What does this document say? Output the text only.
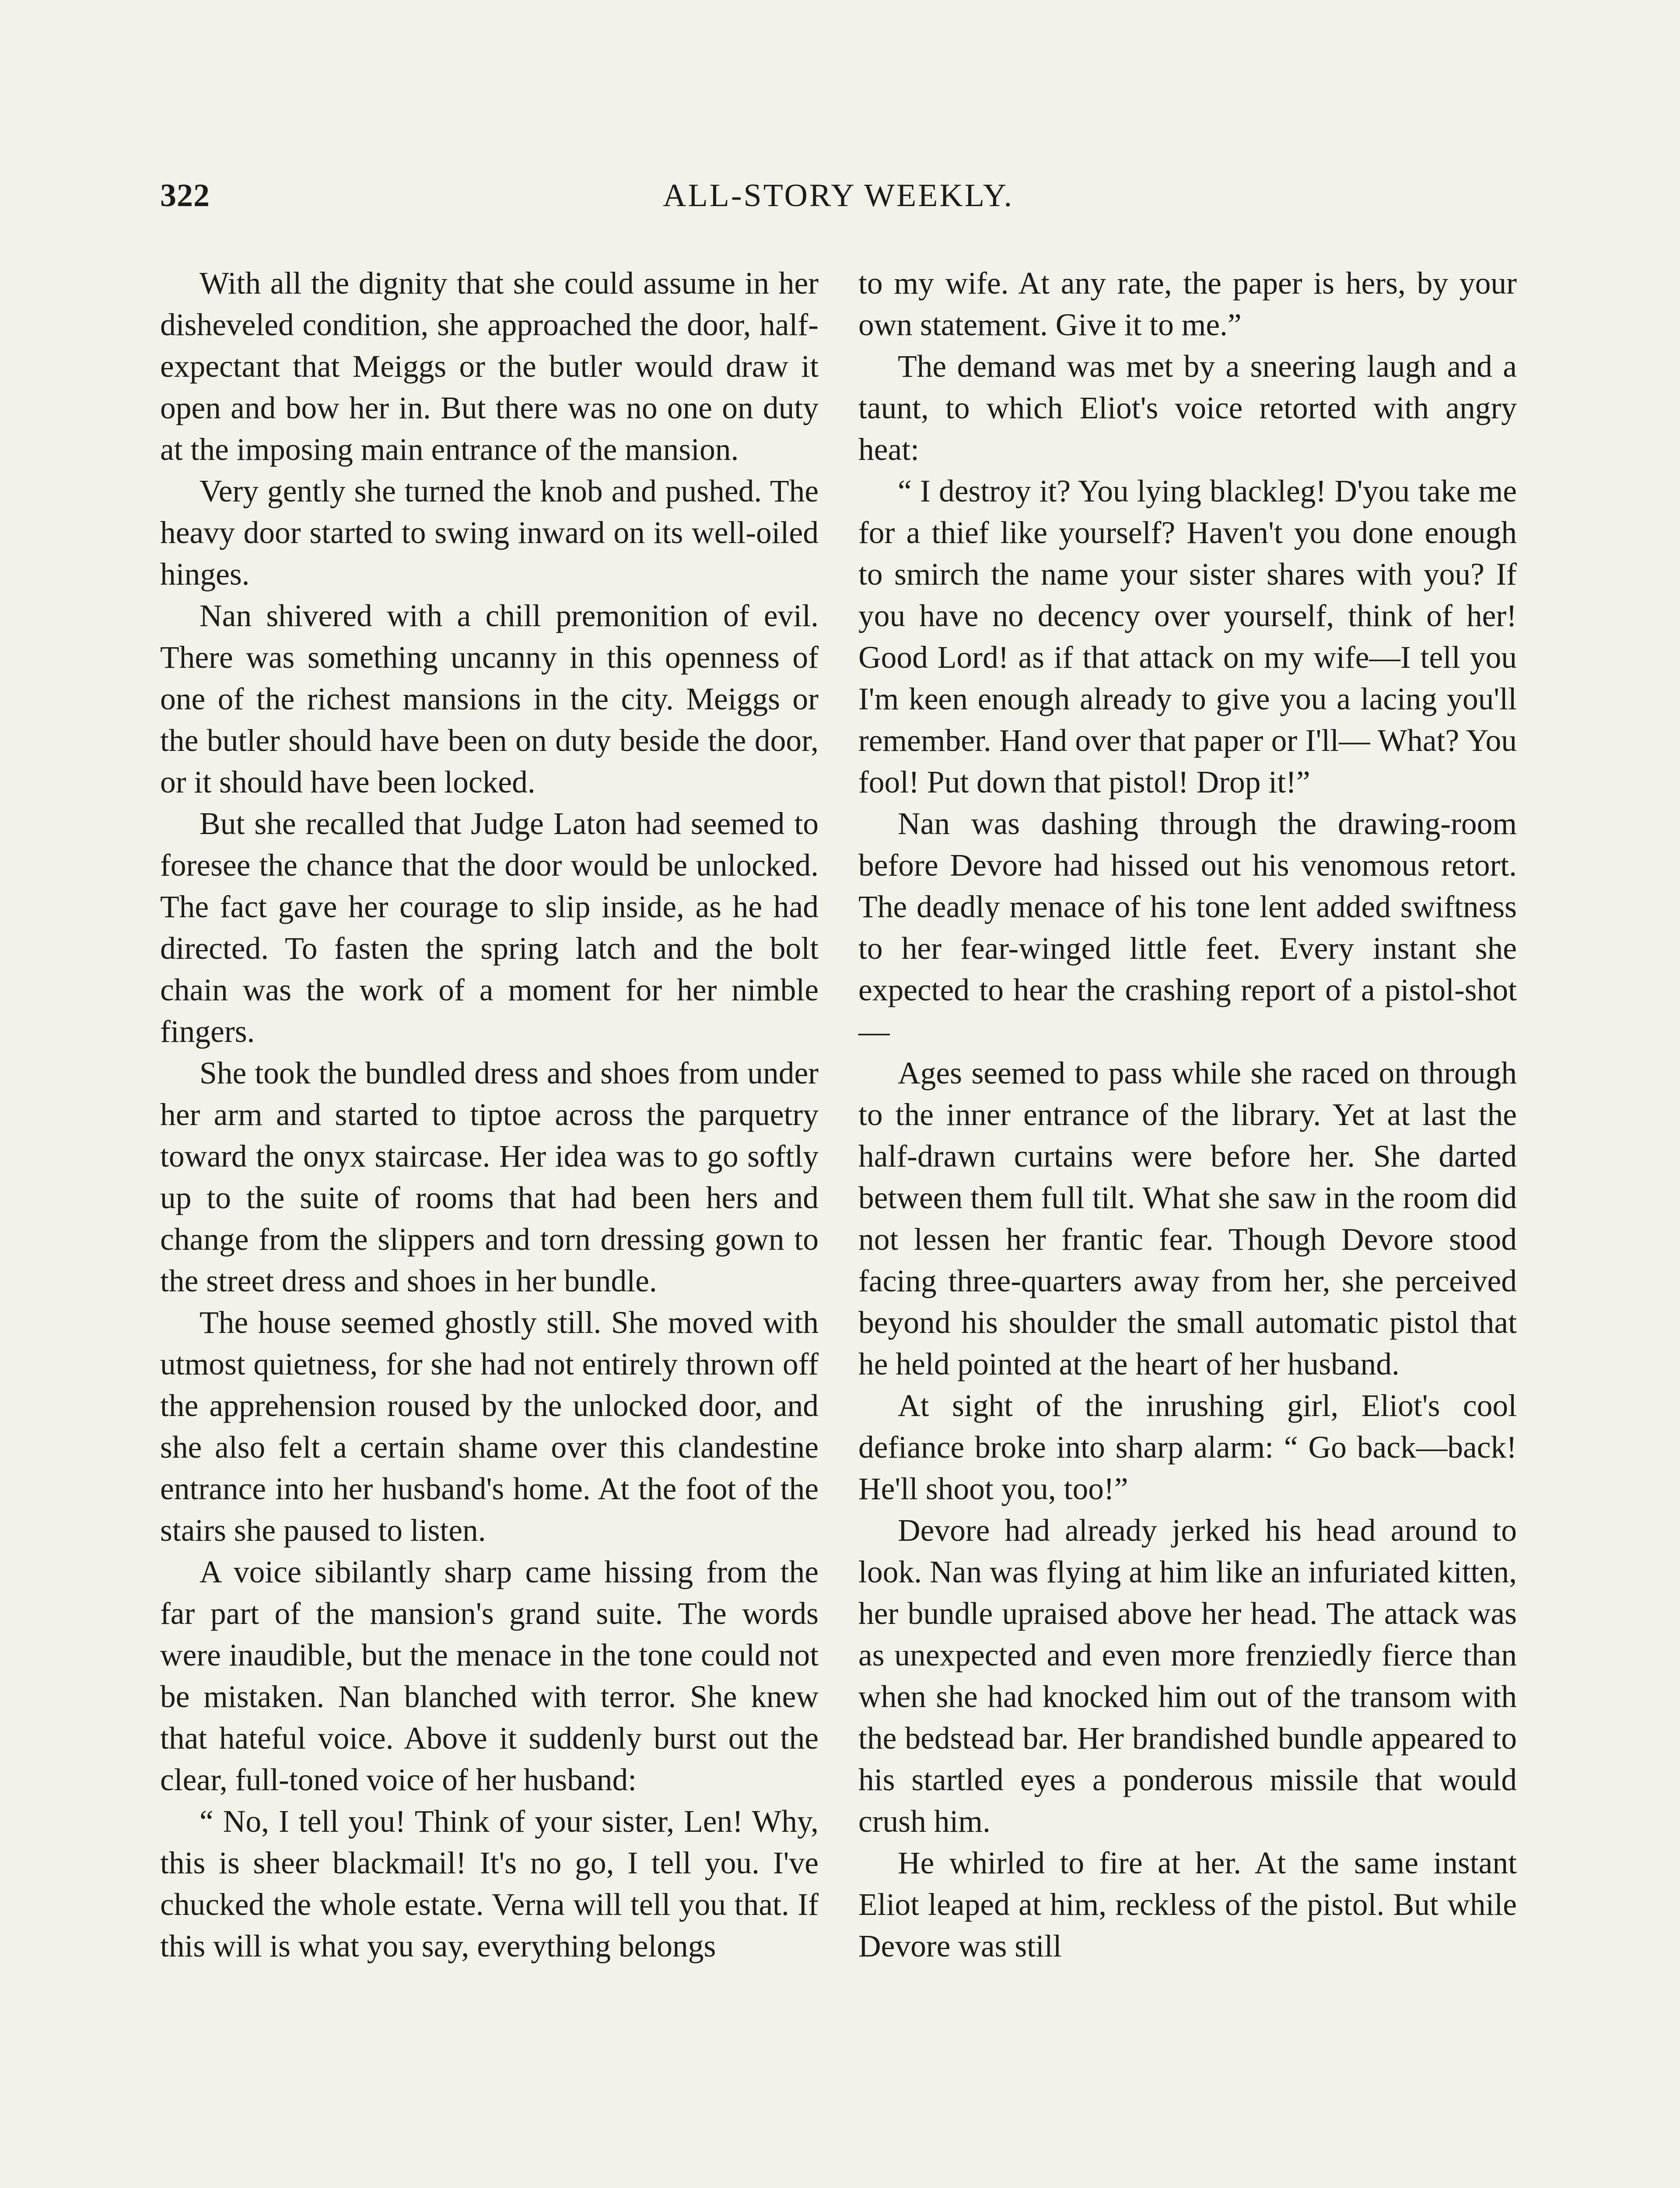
322	ALL-STORY WEEKLY.

With all the dignity that she could assume in her disheveled condition, she approached the door, half-expectant that Meiggs or the butler would draw it open and bow her in. But there was no one on duty at the imposing main entrance of the mansion.

Very gently she turned the knob and pushed. The heavy door started to swing inward on its well-oiled hinges.

Nan shivered with a chill premonition of evil. There was something uncanny in this openness of one of the richest mansions in the city. Meiggs or the butler should have been on duty beside the door, or it should have been locked.

But she recalled that Judge Laton had seemed to foresee the chance that the door would be unlocked. The fact gave her courage to slip inside, as he had directed. To fasten the spring latch and the bolt chain was the work of a moment for her nimble fingers.

She took the bundled dress and shoes from under her arm and started to tiptoe across the parquetry toward the onyx staircase. Her idea was to go softly up to the suite of rooms that had been hers and change from the slippers and torn dressing gown to the street dress and shoes in her bundle.

The house seemed ghostly still. She moved with utmost quietness, for she had not entirely thrown off the apprehension roused by the unlocked door, and she also felt a certain shame over this clandestine entrance into her husband's home. At the foot of the stairs she paused to listen.

A voice sibilantly sharp came hissing from the far part of the mansion's grand suite. The words were inaudible, but the menace in the tone could not be mistaken. Nan blanched with terror. She knew that hateful voice. Above it suddenly burst out the clear, full-toned voice of her husband:

“ No, I tell you! Think of your sister, Len! Why, this is sheer blackmail! It's no go, I tell you. I've chucked the whole estate. Verna will tell you that. If this will is what you say, everything belongs

to my wife. At any rate, the paper is hers, by your own statement. Give it to me.”

The demand was met by a sneering laugh and a taunt, to which Eliot's voice retorted with angry heat:

“ I destroy it? You lying blackleg! D'you take me for a thief like yourself? Haven't you done enough to smirch the name your sister shares with you? If you have no decency over yourself, think of her! Good Lord! as if that attack on my wife—I tell you I'm keen enough already to give you a lacing you'll remember. Hand over that paper or I'll— What? You fool! Put down that pistol! Drop it!”

Nan was dashing through the drawing-room before Devore had hissed out his venomous retort. The deadly menace of his tone lent added swiftness to her fear-winged little feet. Every instant she expected to hear the crashing report of a pistol-shot—

Ages seemed to pass while she raced on through to the inner entrance of the library. Yet at last the half-drawn curtains were before her. She darted between them full tilt. What she saw in the room did not lessen her frantic fear. Though Devore stood facing three-quarters away from her, she perceived beyond his shoulder the small automatic pistol that he held pointed at the heart of her husband.

At sight of the inrushing girl, Eliot's cool defiance broke into sharp alarm: “ Go back—back! He'll shoot you, too!”

Devore had already jerked his head around to look. Nan was flying at him like an infuriated kitten, her bundle upraised above her head. The attack was as unexpected and even more frenziedly fierce than when she had knocked him out of the transom with the bedstead bar. Her brandished bundle appeared to his startled eyes a ponderous missile that would crush him.

He whirled to fire at her. At the same instant Eliot leaped at him, reckless of the pistol. But while Devore was still
